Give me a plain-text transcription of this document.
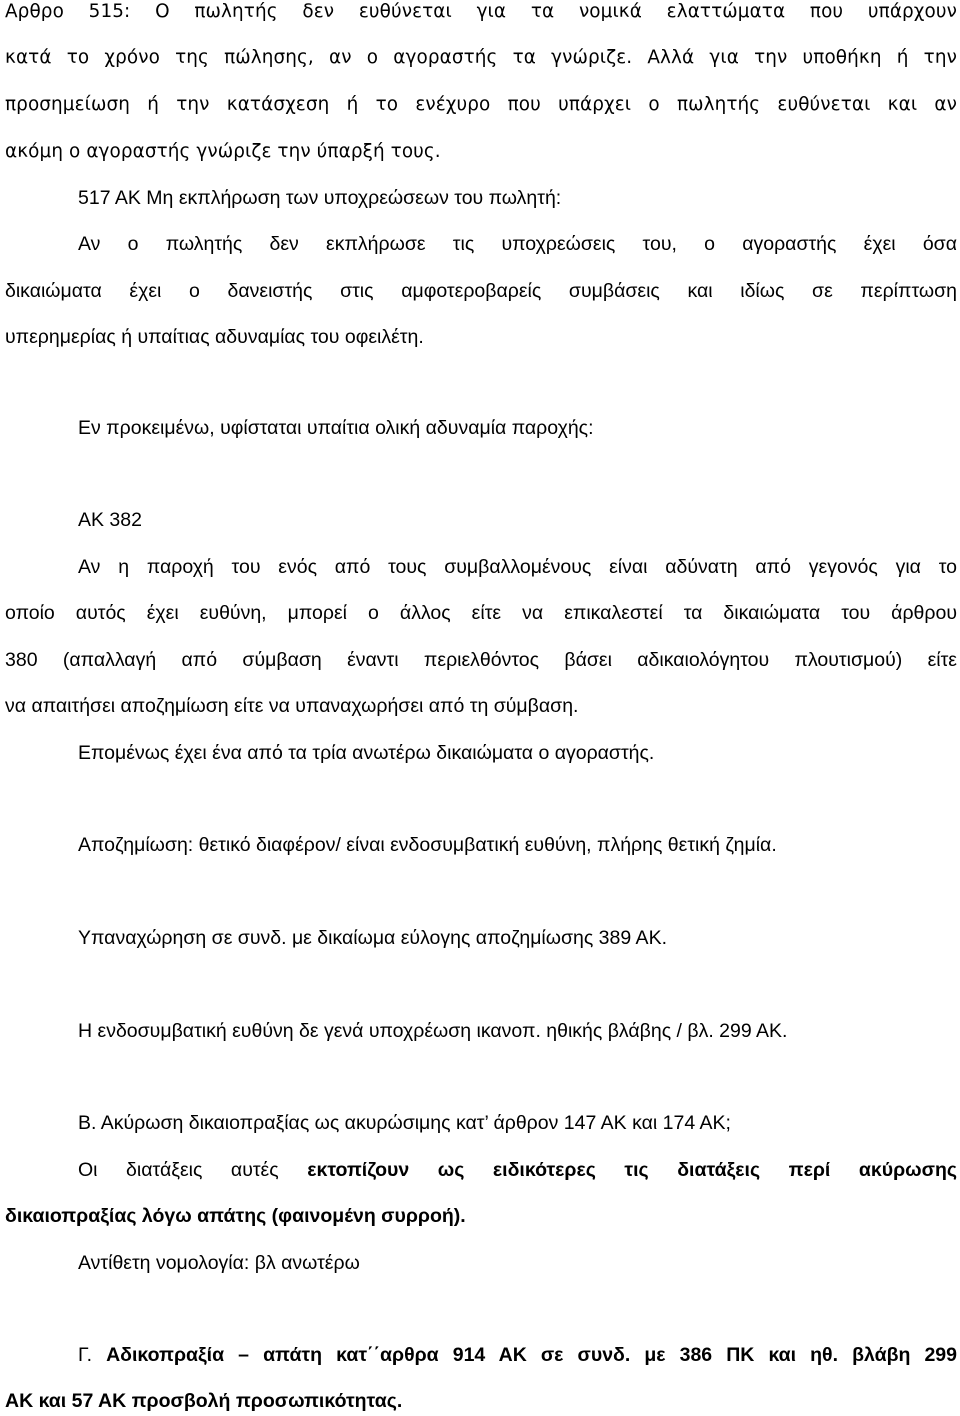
Αρθρο 515: Ο πωλητής δεν ευθύνεται για τα νομικά ελαττώματα που υπάρχουν
κατά το χρόνο της πώλησης, αν ο αγοραστής τα γνώριζε. Αλλά για την υποθήκη ή την
προσημείωση ή την κατάσχεση ή το ενέχυρο που υπάρχει ο πωλητής ευθύνεται και αν
ακόμη ο αγοραστής γνώριζε την ύπαρξή τους.
517 ΑΚ Μη εκπλήρωση των υποχρεώσεων του πωλητή:
Αν ο πωλητής δεν εκπλήρωσε τις υποχρεώσεις του, ο αγοραστής έχει όσα
δικαιώματα έχει ο δανειστής στις αμφοτεροβαρείς συμβάσεις και ιδίως σε περίπτωση
υπερημερίας ή υπαίτιας αδυναμίας του οφειλέτη.
Εν προκειμένω, υφίσταται υπαίτια ολική αδυναμία παροχής:
ΑΚ 382
Αν η παροχή του ενός από τους συμβαλλομένους είναι αδύνατη από γεγονός για το
οποίο αυτός έχει ευθύνη, μπορεί ο άλλος είτε να επικαλεστεί τα δικαιώματα του άρθρου
380 (απαλλαγή από σύμβαση έναντι περιελθόντος βάσει αδικαιολόγητου πλουτισμού) είτε
να απαιτήσει αποζημίωση είτε να υπαναχωρήσει από τη σύμβαση.
Επομένως έχει ένα από τα τρία ανωτέρω δικαιώματα ο αγοραστής.
Αποζημίωση: θετικό διαφέρον/ είναι ενδοσυμβατική ευθύνη, πλήρης θετική ζημία.
Υπαναχώρηση σε συνδ. με δικαίωμα εύλογης αποζημίωσης 389 ΑΚ.
Η ενδοσυμβατική ευθύνη δε γενά υποχρέωση ικανοπ. ηθικής βλάβης / βλ. 299 ΑΚ.
Β. Ακύρωση δικαιοπραξίας ως ακυρώσιμης κατ’ άρθρον 147 ΑΚ και 174 ΑΚ;
Οι διατάξεις αυτές εκτοπίζουν ως ειδικότερες τις διατάξεις περί ακύρωσης
δικαιοπραξίας λόγω απάτης (φαινομένη συρροή).
Αντίθετη νομολογία: βλ ανωτέρω
Γ. Αδικοπραξία – απάτη κατ΄΄αρθρα 914 ΑΚ σε συνδ. με 386 ΠΚ και ηθ. βλάβη 299
ΑΚ και 57 ΑΚ προσβολή προσωπικότητας.
